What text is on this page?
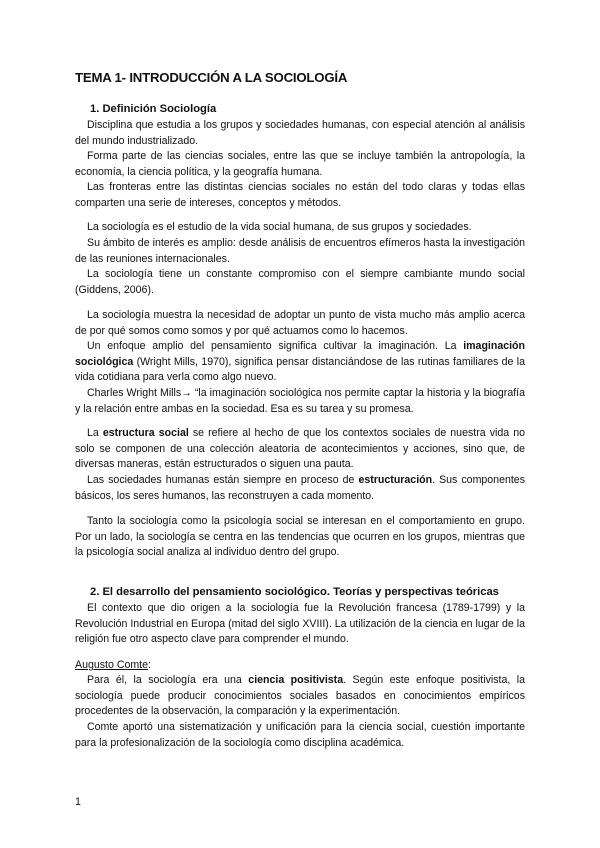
TEMA 1- INTRODUCCIÓN A LA SOCIOLOGÍA
1. Definición Sociología
Disciplina que estudia a los grupos y sociedades humanas, con especial atención al análisis del mundo industrializado.
Forma parte de las ciencias sociales, entre las que se incluye también la antropología, la economía, la ciencia política, y la geografía humana.
Las fronteras entre las distintas ciencias sociales no están del todo claras y todas ellas comparten una serie de intereses, conceptos y métodos.
La sociología es el estudio de la vida social humana, de sus grupos y sociedades.
Su ámbito de interés es amplio: desde análisis de encuentros efímeros hasta la investigación de las reuniones internacionales.
La sociología tiene un constante compromiso con el siempre cambiante mundo social (Giddens, 2006).
La sociología muestra la necesidad de adoptar un punto de vista mucho más amplio acerca de por qué somos como somos y por qué actuamos como lo hacemos.
Un enfoque amplio del pensamiento significa cultivar la imaginación. La imaginación sociológica (Wright Mills, 1970), significa pensar distanciándose de las rutinas familiares de la vida cotidiana para verla como algo nuevo.
Charles Wright Mills→ “la imaginación sociológica nos permite captar la historia y la biografía y la relación entre ambas en la sociedad. Esa es su tarea y su promesa.
La estructura social se refiere al hecho de que los contextos sociales de nuestra vida no solo se componen de una colección aleatoria de acontecimientos y acciones, sino que, de diversas maneras, están estructurados o siguen una pauta.
Las sociedades humanas están siempre en proceso de estructuración. Sus componentes básicos, los seres humanos, las reconstruyen a cada momento.
Tanto la sociología como la psicología social se interesan en el comportamiento en grupo. Por un lado, la sociología se centra en las tendencias que ocurren en los grupos, mientras que la psicología social analiza al individuo dentro del grupo.
2. El desarrollo del pensamiento sociológico. Teorías y perspectivas teóricas
El contexto que dio origen a la sociología fue la Revolución francesa (1789-1799) y la Revolución Industrial en Europa (mitad del siglo XVIII). La utilización de la ciencia en lugar de la religión fue otro aspecto clave para comprender el mundo.
Augusto Comte:
Para él, la sociología era una ciencia positivista. Según este enfoque positivista, la sociología puede producir conocimientos sociales basados en conocimientos empíricos procedentes de la observación, la comparación y la experimentación.
Comte aportó una sistematización y unificación para la ciencia social, cuestión importante para la profesionalización de la sociología como disciplina académica.
1
